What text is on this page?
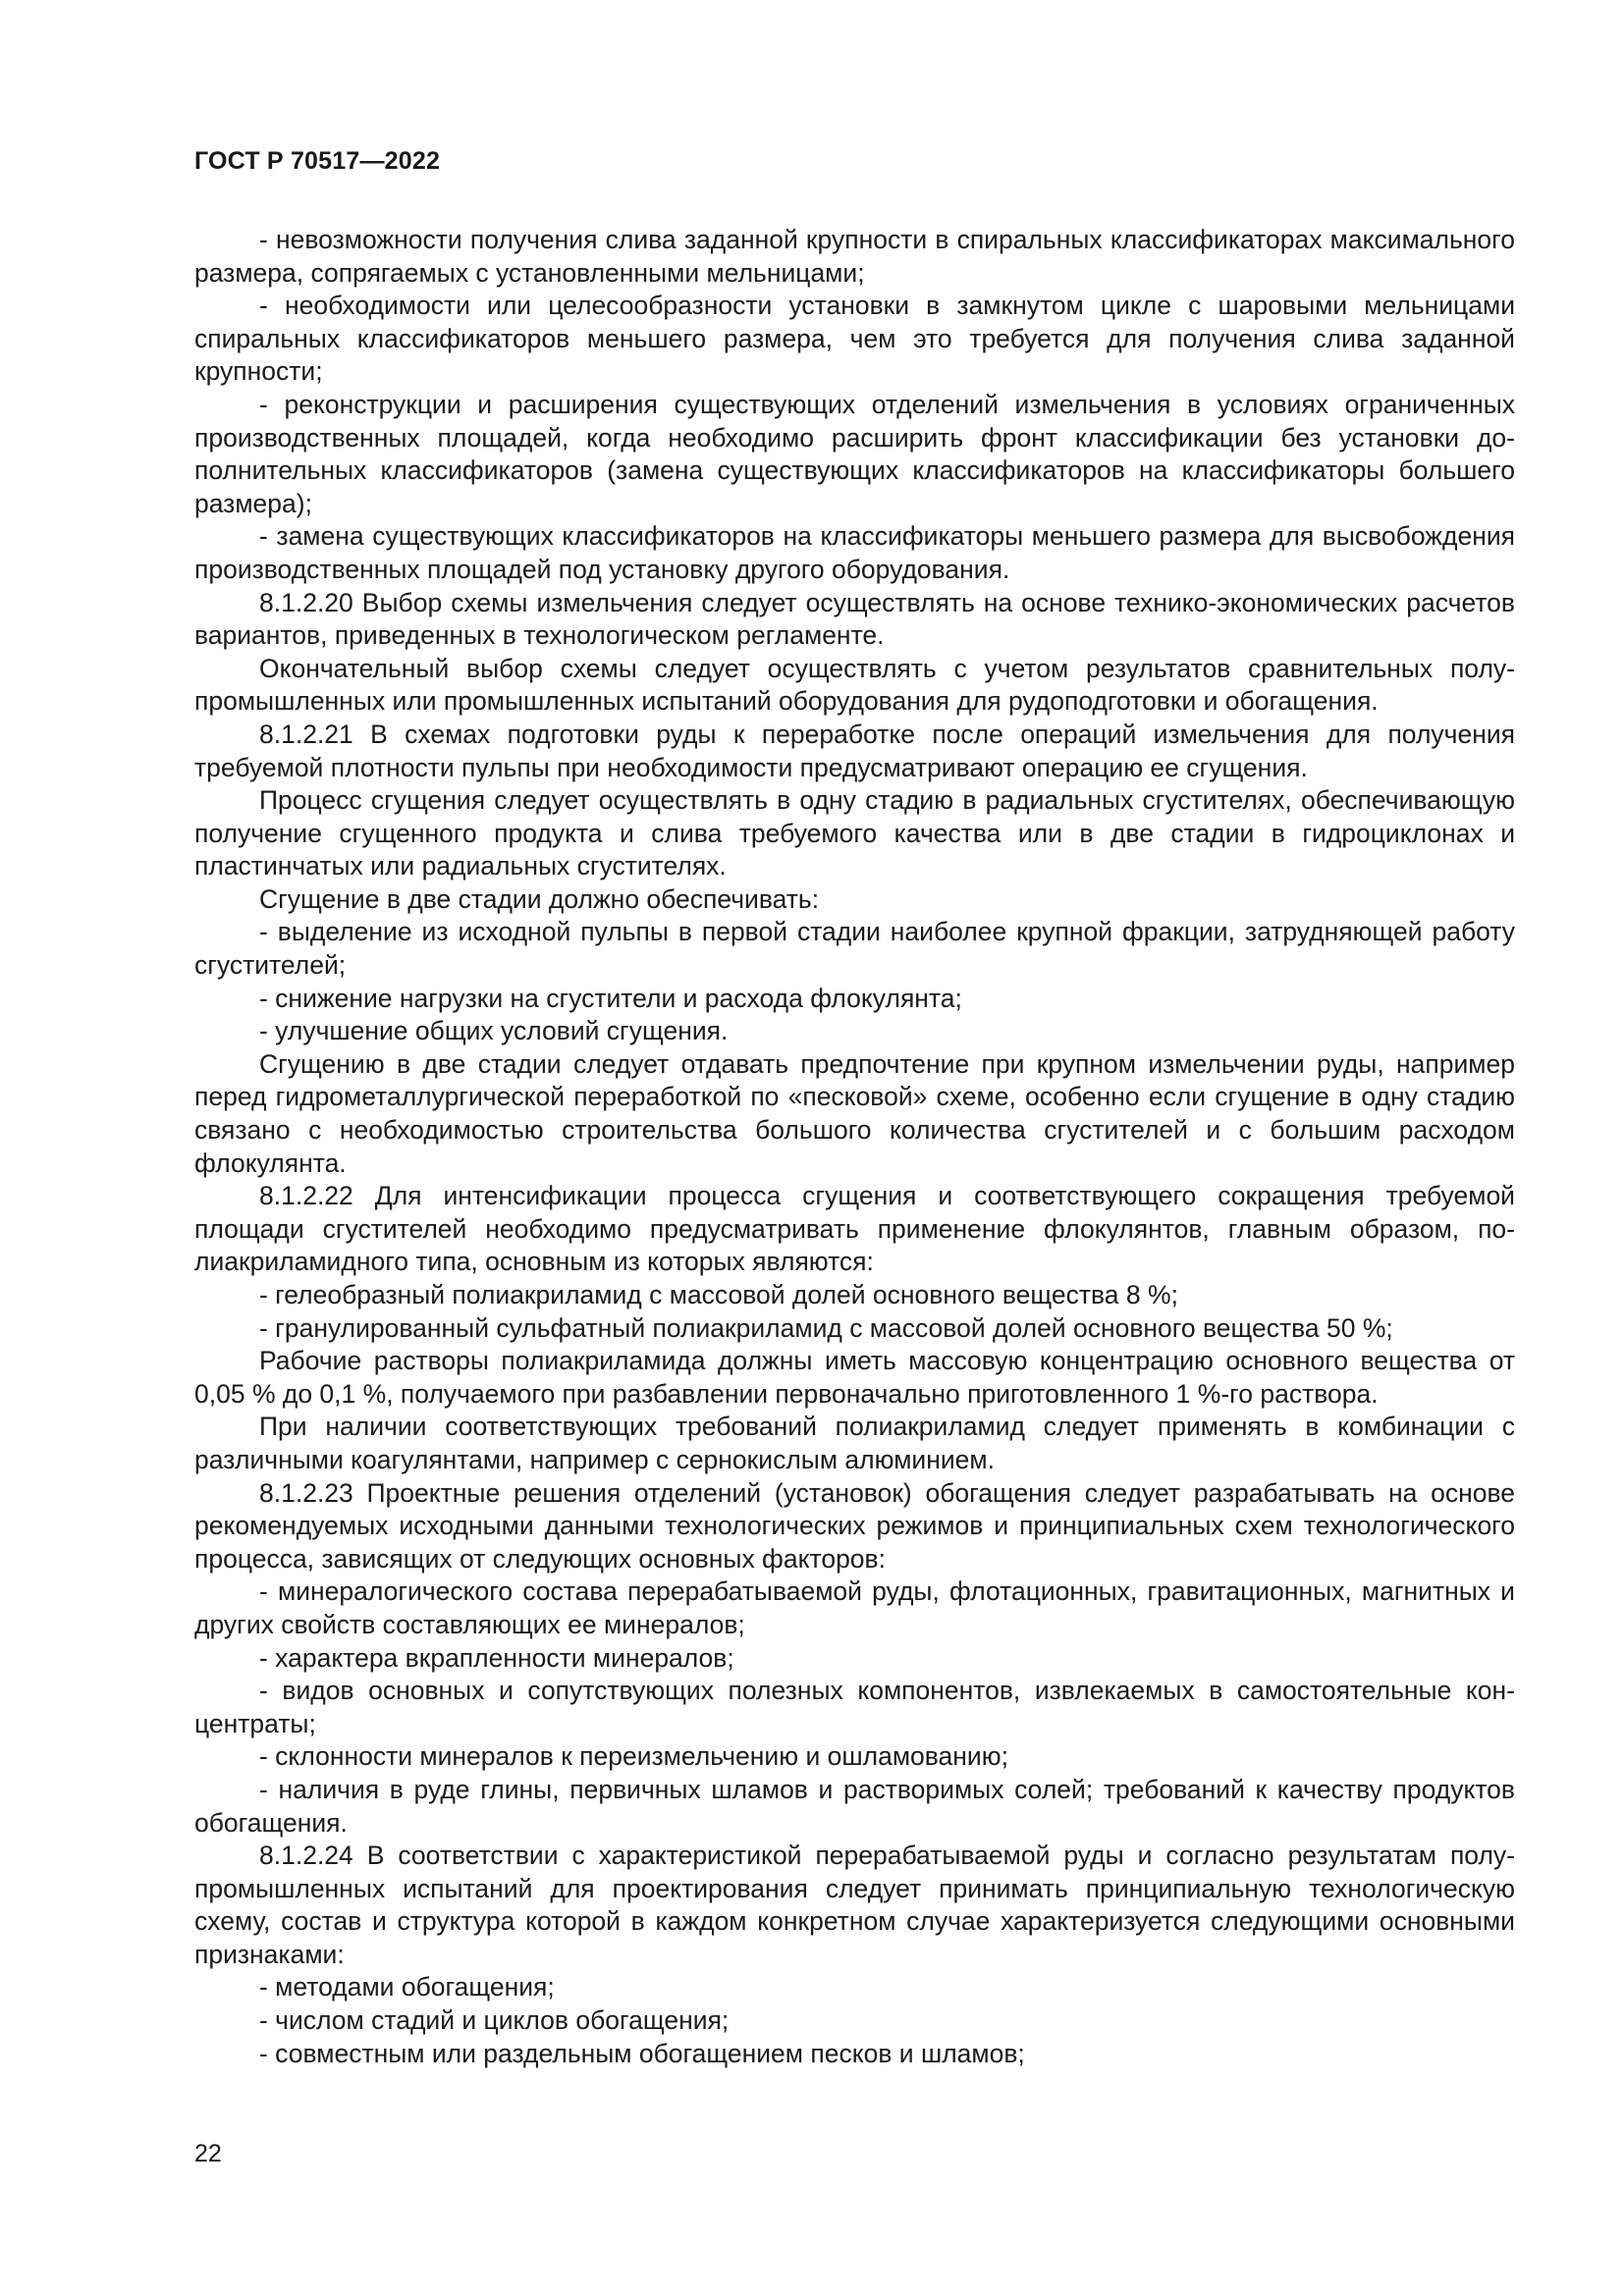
ГОСТ Р 70517—2022

- невозможности получения слива заданной крупности в спиральных классификаторах максимального размера, сопрягаемых с установленными мельницами;

- необходимости или целесообразности установки в замкнутом цикле с шаровыми мельницами спиральных классификаторов меньшего размера, чем это требуется для получения слива заданной крупности;

- реконструкции и расширения существующих отделений измельчения в условиях ограниченных производственных площадей, когда необходимо расширить фронт классификации без установки дополнительных классификаторов (замена существующих классификаторов на классификаторы большего размера);

- замена существующих классификаторов на классификаторы меньшего размера для высвобождения производственных площадей под установку другого оборудования.

8.1.2.20 Выбор схемы измельчения следует осуществлять на основе технико-экономических расчетов вариантов, приведенных в технологическом регламенте.

Окончательный выбор схемы следует осуществлять с учетом результатов сравнительных полупромышленных или промышленных испытаний оборудования для рудоподготовки и обогащения.

8.1.2.21 В схемах подготовки руды к переработке после операций измельчения для получения требуемой плотности пульпы при необходимости предусматривают операцию ее сгущения.

Процесс сгущения следует осуществлять в одну стадию в радиальных сгустителях, обеспечивающую получение сгущенного продукта и слива требуемого качества или в две стадии в гидроциклонах и пластинчатых или радиальных сгустителях.

Сгущение в две стадии должно обеспечивать:

- выделение из исходной пульпы в первой стадии наиболее крупной фракции, затрудняющей работу сгустителей;

- снижение нагрузки на сгустители и расхода флокулянта;

- улучшение общих условий сгущения.

Сгущению в две стадии следует отдавать предпочтение при крупном измельчении руды, например перед гидрометаллургической переработкой по «песковой» схеме, особенно если сгущение в одну стадию связано с необходимостью строительства большого количества сгустителей и с большим расходом флокулянта.

8.1.2.22 Для интенсификации процесса сгущения и соответствующего сокращения требуемой площади сгустителей необходимо предусматривать применение флокулянтов, главным образом, полиакриламидного типа, основным из которых являются:

- гелеобразный полиакриламид с массовой долей основного вещества 8 %;

- гранулированный сульфатный полиакриламид с массовой долей основного вещества 50 %;

Рабочие растворы полиакриламида должны иметь массовую концентрацию основного вещества от 0,05 % до 0,1 %, получаемого при разбавлении первоначально приготовленного 1 %-го раствора.

При наличии соответствующих требований полиакриламид следует применять в комбинации с различными коагулянтами, например с сернокислым алюминием.

8.1.2.23 Проектные решения отделений (установок) обогащения следует разрабатывать на основе рекомендуемых исходными данными технологических режимов и принципиальных схем технологического процесса, зависящих от следующих основных факторов:

- минералогического состава перерабатываемой руды, флотационных, гравитационных, магнитных и других свойств составляющих ее минералов;

- характера вкрапленности минералов;

- видов основных и сопутствующих полезных компонентов, извлекаемых в самостоятельные концентраты;

- склонности минералов к переизмельчению и ошламованию;

- наличия в руде глины, первичных шламов и растворимых солей; требований к качеству продуктов обогащения.

8.1.2.24 В соответствии с характеристикой перерабатываемой руды и согласно результатам полупромышленных испытаний для проектирования следует принимать принципиальную технологическую схему, состав и структура которой в каждом конкретном случае характеризуется следующими основными признаками:

- методами обогащения;

- числом стадий и циклов обогащения;

- совместным или раздельным обогащением песков и шламов;

22
